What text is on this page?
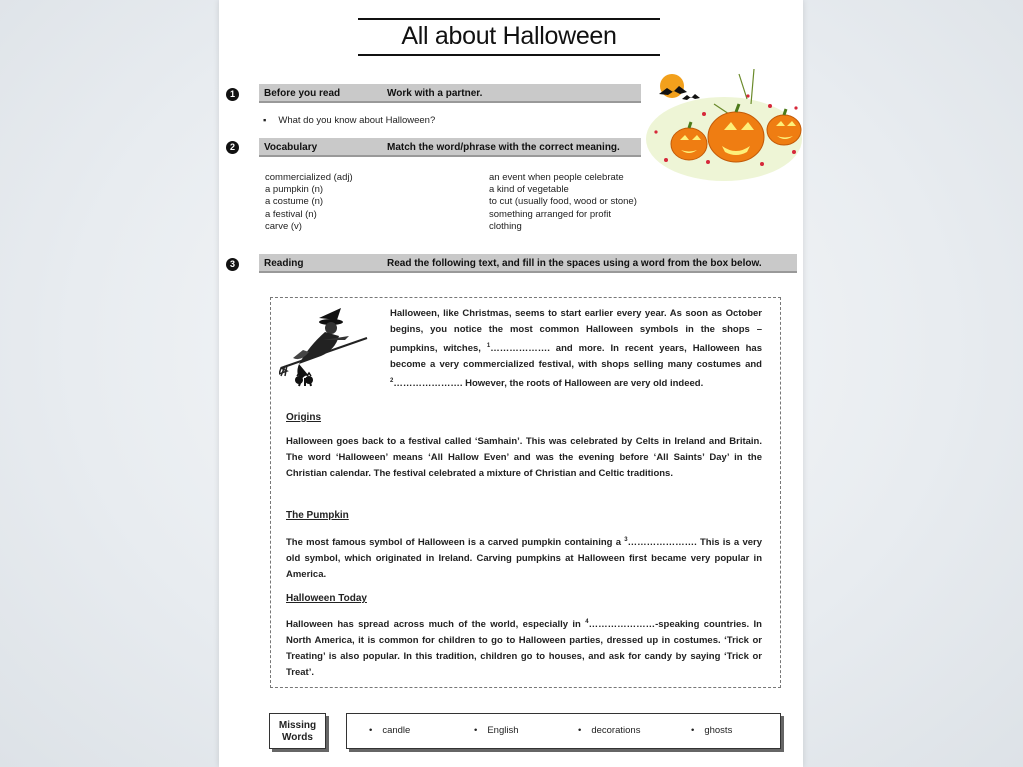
All about Halloween
1	Before you read	Work with a partner.
▪ What do you know about Halloween?
2	Vocabulary	Match the word/phrase with the correct meaning.
commercialized (adj)
a pumpkin (n)
a costume (n)
a festival (n)
carve (v)
an event when people celebrate
a kind of vegetable
to cut (usually food, wood or stone)
something arranged for profit
clothing
3	Reading	Read the following text, and fill in the spaces using a word from the box below.
Halloween, like Christmas, seems to start earlier every year. As soon as October begins, you notice the most common Halloween symbols in the shops – pumpkins, witches, $^1$………………. and more. In recent years, Halloween has become a very commercialized festival, with shops selling many costumes and $^2$…………………. However, the roots of Halloween are very old indeed.
Origins
Halloween goes back to a festival called ‘Samhain’. This was celebrated by Celts in Ireland and Britain. The word ‘Halloween’ means ‘All Hallow Even’ and was the evening before ‘All Saints’ Day’ in the Christian calendar. The festival celebrated a mixture of Christian and Celtic traditions.
The Pumpkin
The most famous symbol of Halloween is a carved pumpkin containing a $^3$…………………. This is a very old symbol, which originated in Ireland. Carving pumpkins at Halloween first became very popular in America.
Halloween Today
Halloween has spread across much of the world, especially in $^4$…………………-speaking countries. In North America, it is common for children to go to Halloween parties, dressed up in costumes. ‘Trick or Treating’ is also popular. In this tradition, children go to houses, and ask for candy by saying ‘Trick or Treat’.
Missing
Words
• candle	• English	• decorations	• ghosts
